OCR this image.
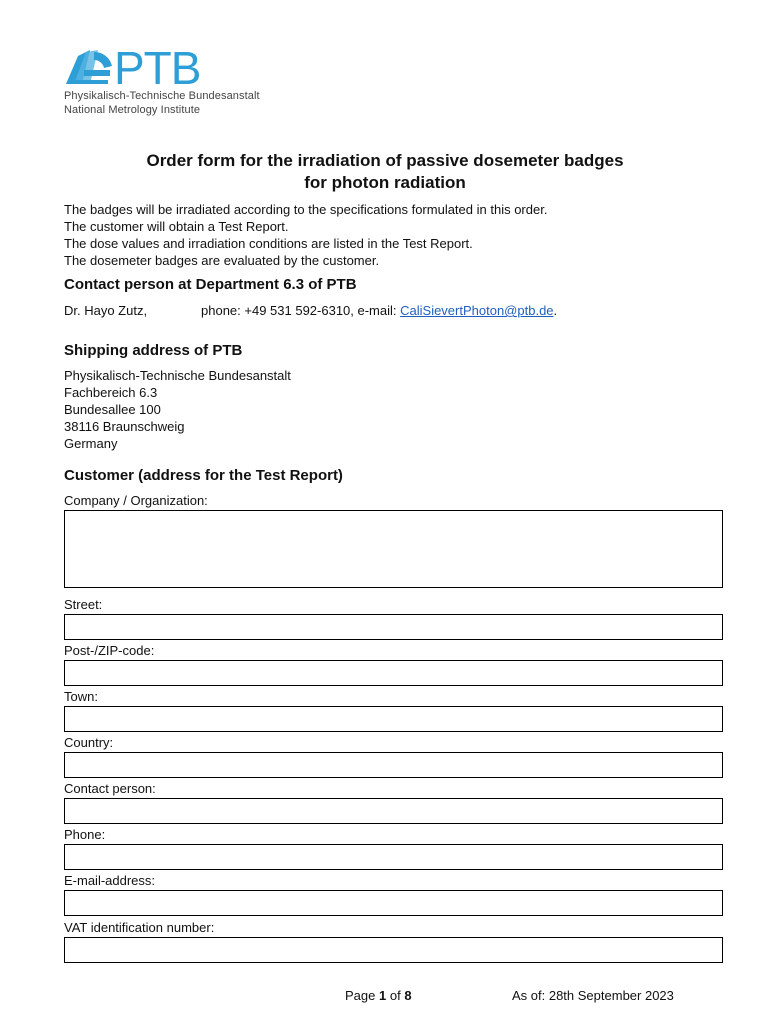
PTB
Physikalisch-Technische Bundesanstalt
National Metrology Institute
Order form for the irradiation of passive dosemeter badges
for photon radiation
The badges will be irradiated according to the specifications formulated in this order.
The customer will obtain a Test Report.
The dose values and irradiation conditions are listed in the Test Report.
The dosemeter badges are evaluated by the customer.
Contact person at Department 6.3 of PTB
Dr. Hayo Zutz,	phone: +49 531 592-6310, e-mail: CaliSievertPhoton@ptb.de.
Shipping address of PTB
Physikalisch-Technische Bundesanstalt
Fachbereich 6.3
Bundesallee 100
38116 Braunschweig
Germany
Customer (address for the Test Report)
Company / Organization:
Street:
Post-/ZIP-code:
Town:
Country:
Contact person:
Phone:
E-mail-address:
VAT identification number:
Page 1 of 8	As of: 28th September 2023
